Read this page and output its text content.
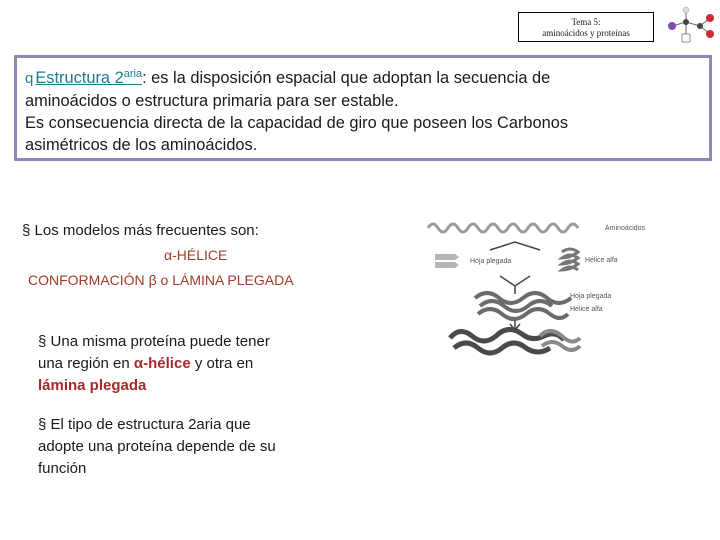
Tema 5:
aminoácidos y proteínas
q Estructura $2^{aria}$: es la disposición espacial que adoptan la secuencia de
aminoácidos o estructura primaria para ser estable.
Es consecuencia directa de la capacidad de giro que poseen los Carbonos
asimétricos de los aminoácidos.
§ Los modelos más frecuentes son:
α-HÉLICE
CONFORMACIÓN β o LÁMINA PLEGADA
§ Una misma proteína puede tener
una región en α-hélice y otra en
lámina plegada
§ El tipo de estructura 2aria que
adopte una proteína depende de su
función
Aminoácidos
Hoja plegada	Hélice alfa
Hoja plegada
Hélice alfa
